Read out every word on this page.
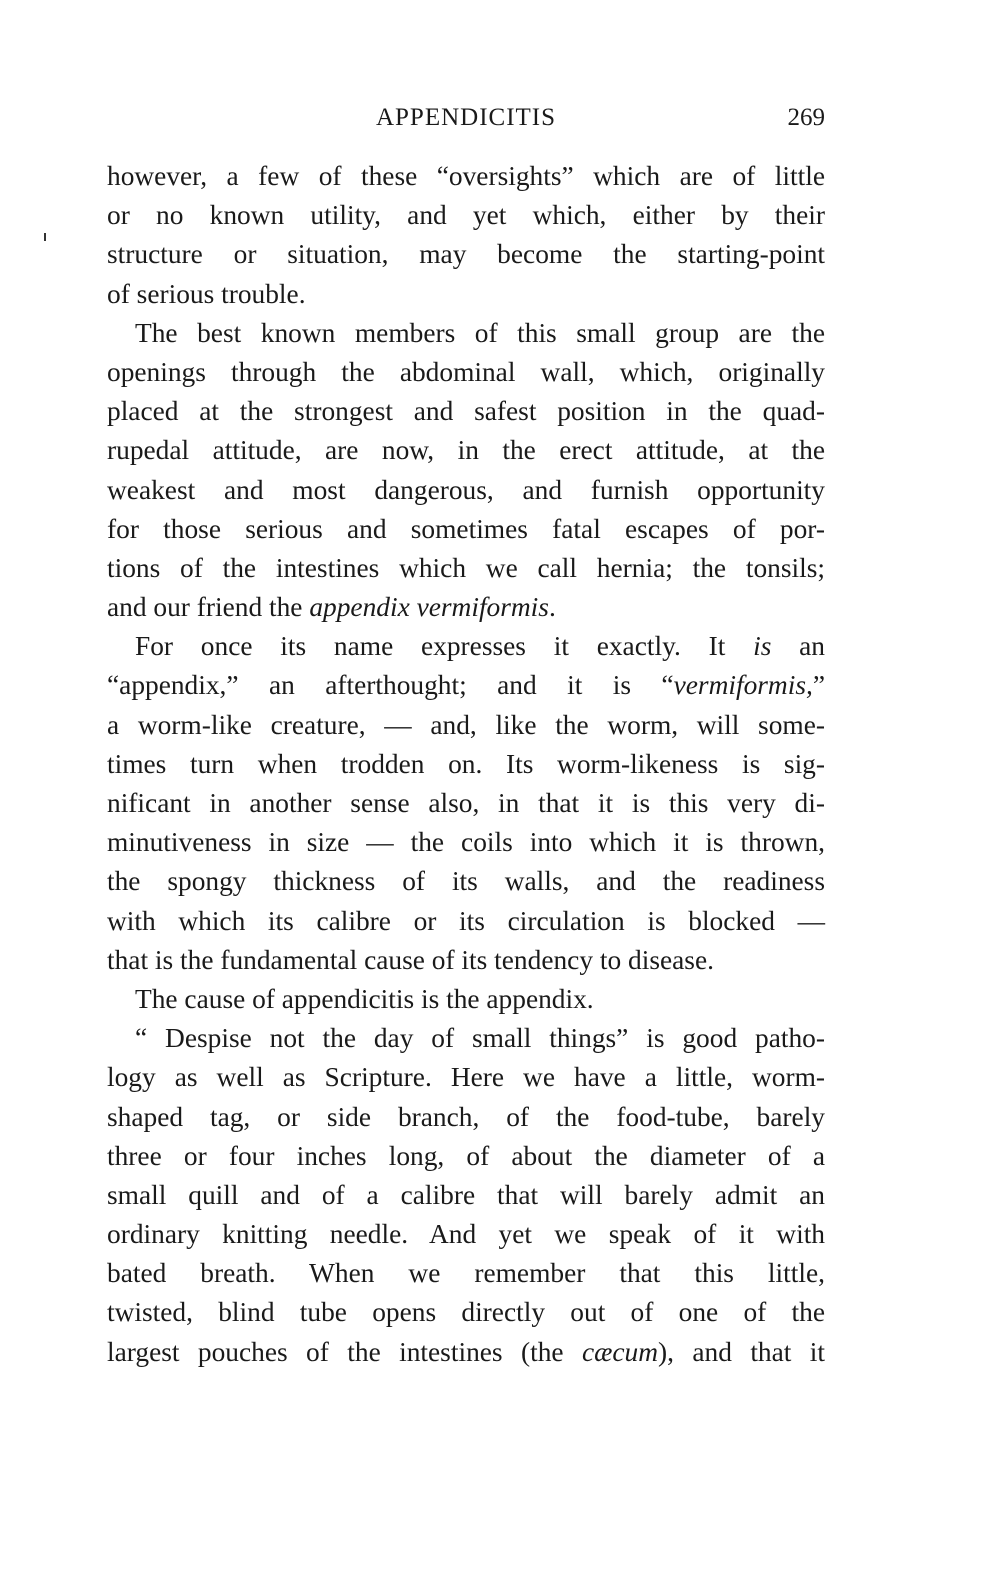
APPENDICITIS	269
however, a few of these “oversights” which are of little
or no known utility, and yet which, either by their
structure or situation, may become the starting-point
of serious trouble.
The best known members of this small group are the
openings through the abdominal wall, which, originally
placed at the strongest and safest position in the quad-
rupedal attitude, are now, in the erect attitude, at the
weakest and most dangerous, and furnish opportunity
for those serious and sometimes fatal escapes of por-
tions of the intestines which we call hernia; the tonsils;
and our friend the appendix vermiformis.
For once its name expresses it exactly. It is an
“appendix,” an afterthought; and it is “vermiformis,”
a worm-like creature, — and, like the worm, will some-
times turn when trodden on. Its worm-likeness is sig-
nificant in another sense also, in that it is this very di-
minutiveness in size — the coils into which it is thrown,
the spongy thickness of its walls, and the readiness
with which its calibre or its circulation is blocked —
that is the fundamental cause of its tendency to disease.
The cause of appendicitis is the appendix.
“ Despise not the day of small things” is good patho-
logy as well as Scripture. Here we have a little, worm-
shaped tag, or side branch, of the food-tube, barely
three or four inches long, of about the diameter of a
small quill and of a calibre that will barely admit an
ordinary knitting needle. And yet we speak of it with
bated breath. When we remember that this little,
twisted, blind tube opens directly out of one of the
largest pouches of the intestines (the cæcum), and that it
